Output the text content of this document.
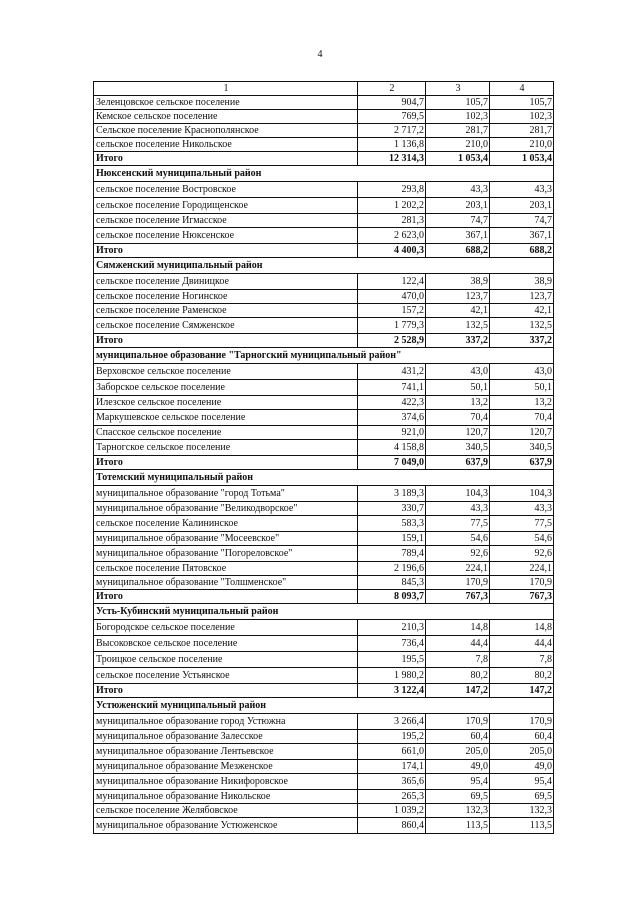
4
1	2	3	4
Зеленцовское сельское поселение	904,7	105,7	105,7
Кемское сельское поселение	769,5	102,3	102,3
Сельское поселение Краснополянское	2 717,2	281,7	281,7
сельское поселение Никольское	1 136,8	210,0	210,0
Итого	12 314,3	1 053,4	1 053,4
Нюксенский муниципальный район			
сельское поселение Востровское	293,8	43,3	43,3
сельское поселение Городищенское	1 202,2	203,1	203,1
сельское поселение Игмасское	281,3	74,7	74,7
сельское поселение Нюксенское	2 623,0	367,1	367,1
Итого	4 400,3	688,2	688,2
Сямженский муниципальный район			
сельское поселение Двиницкое	122,4	38,9	38,9
сельское поселение Ногинское	470,0	123,7	123,7
сельское поселение Раменское	157,2	42,1	42,1
сельское поселение Сямженское	1 779,3	132,5	132,5
Итого	2 528,9	337,2	337,2
муниципальное образование "Тарногский муниципальный район"			
Верховское сельское поселение	431,2	43,0	43,0
Заборское сельское поселение	741,1	50,1	50,1
Илезское сельское поселение	422,3	13,2	13,2
Маркушевское сельское поселение	374,6	70,4	70,4
Спасское сельское поселение	921,0	120,7	120,7
Тарногское сельское поселение	4 158,8	340,5	340,5
Итого	7 049,0	637,9	637,9
Тотемский муниципальный район			
муниципальное образование "город Тотьма"	3 189,3	104,3	104,3
муниципальное образование "Великодворское"	330,7	43,3	43,3
сельское поселение Калининское	583,3	77,5	77,5
муниципальное образование "Мосеевское"	159,1	54,6	54,6
муниципальное образование "Погореловское"	789,4	92,6	92,6
сельское поселение Пятовское	2 196,6	224,1	224,1
муниципальное образование "Толшменское"	845,3	170,9	170,9
Итого	8 093,7	767,3	767,3
Усть-Кубинский муниципальный район			
Богородское сельское поселение	210,3	14,8	14,8
Высоковское сельское поселение	736,4	44,4	44,4
Троицкое сельское поселение	195,5	7,8	7,8
сельское поселение Устьянское	1 980,2	80,2	80,2
Итого	3 122,4	147,2	147,2
Устюженский муниципальный район			
муниципальное образование город Устюжна	3 266,4	170,9	170,9
муниципальное образование Залесское	195,2	60,4	60,4
муниципальное образование Лентьевское	661,0	205,0	205,0
муниципальное образование Мезженское	174,1	49,0	49,0
муниципальное образование Никифоровское	365,6	95,4	95,4
муниципальное образование Никольское	265,3	69,5	69,5
сельское поселение Желябовское	1 039,2	132,3	132,3
муниципальное образование Устюженское	860,4	113,5	113,5
